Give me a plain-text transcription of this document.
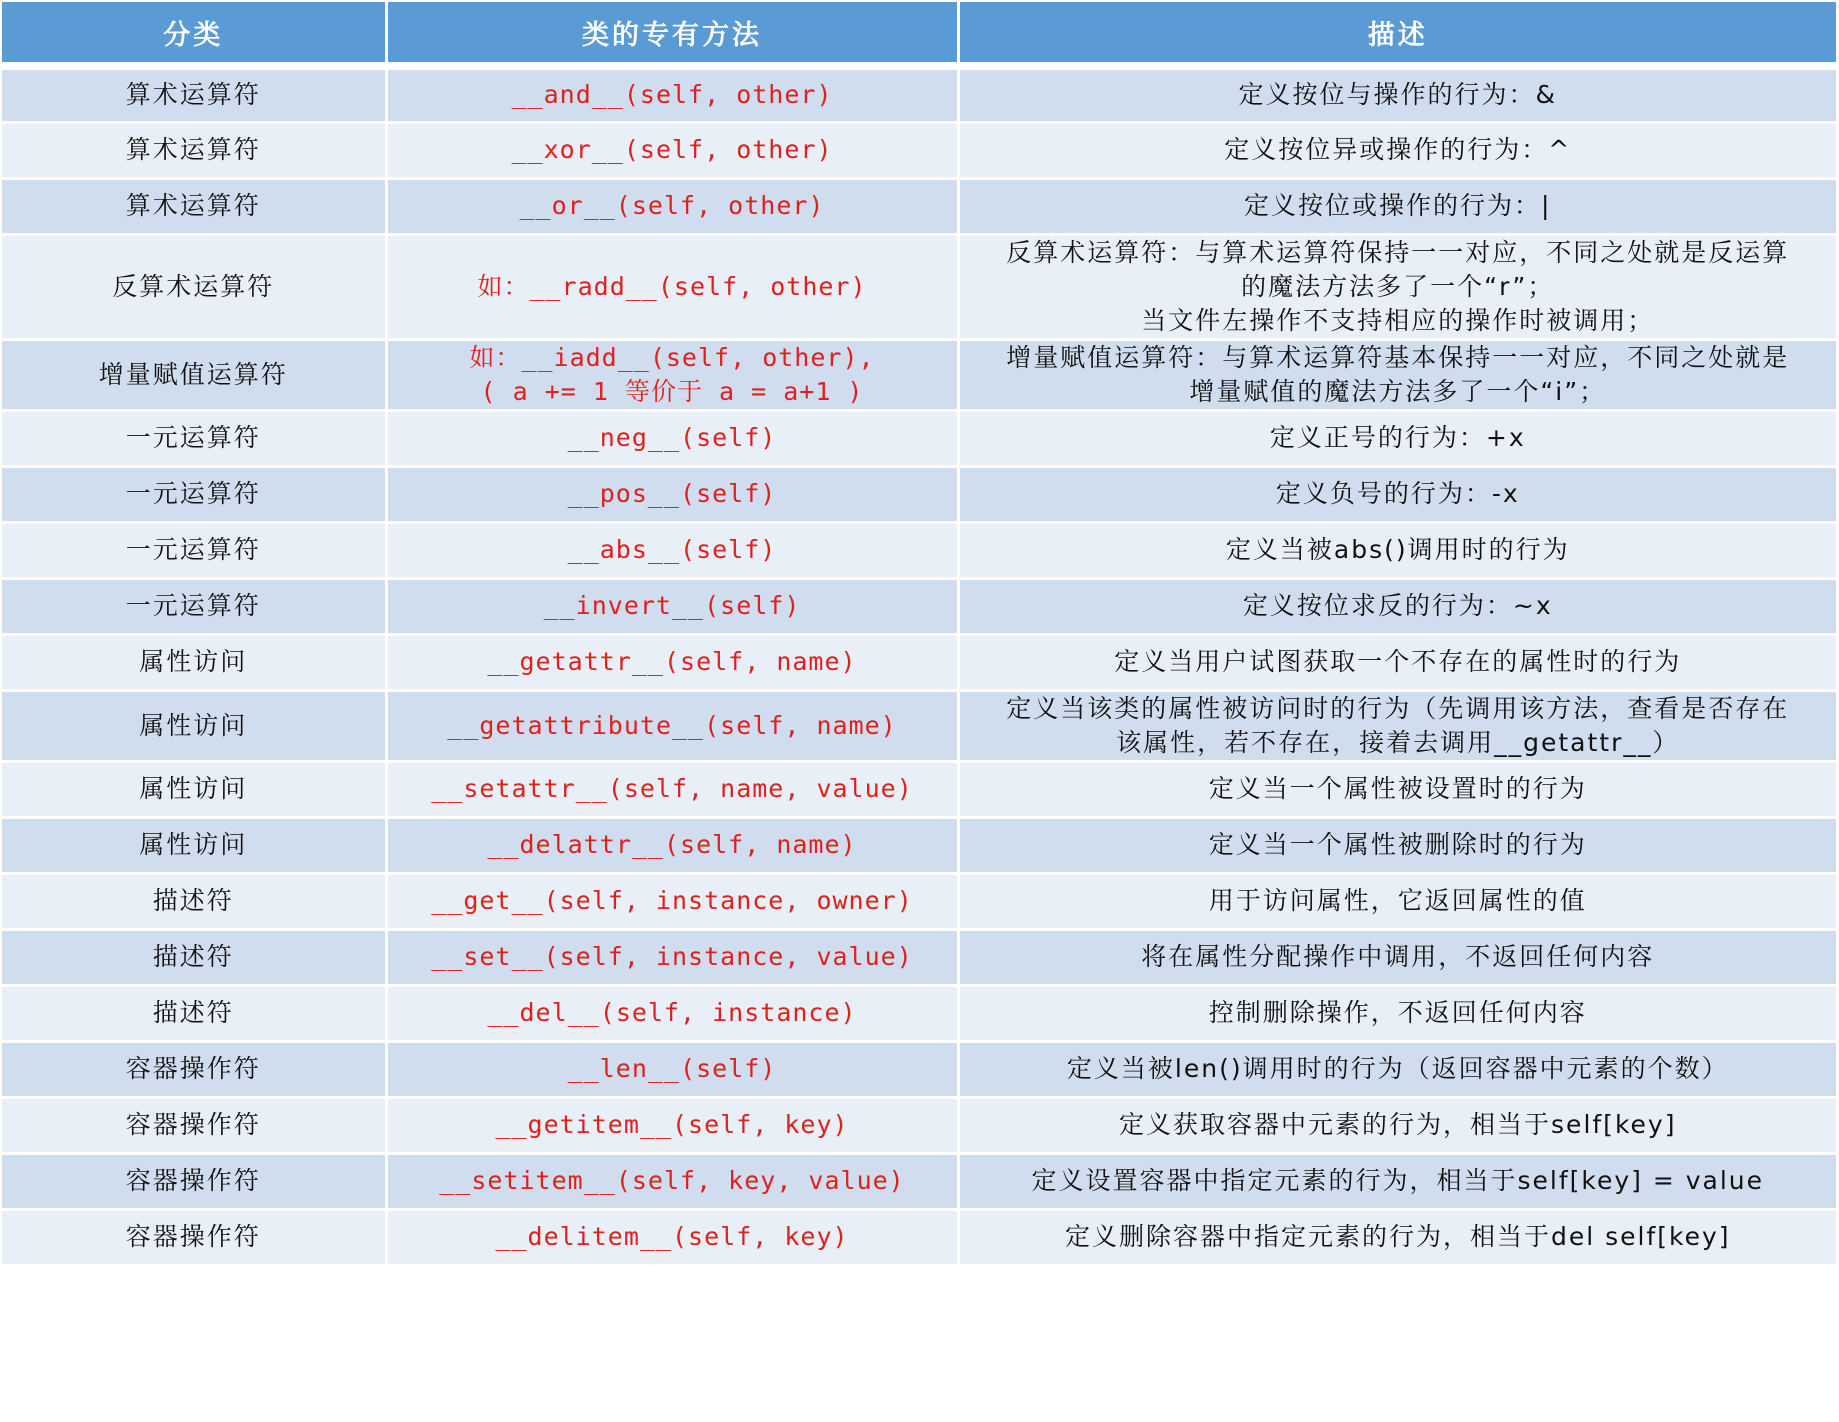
分类	类的专有方法	描述
算术运算符	__and__(self, other)	定义按位与操作的行为：&

算术运算符	__xor__(self, other)	定义按位异或操作的行为：^

算术运算符	__or__(self, other)	定义按位或操作的行为：|

反算术运算符	如：__radd__(self, other)	反算术运算符：与算术运算符保持一一对应，不同之处就是反运算
的魔法方法多了一个“r”；
当文件左操作不支持相应的操作时被调用；

增量赋值运算符	如：__iadd__(self, other),
( a += 1 等价于 a = a+1 )	增量赋值运算符：与算术运算符基本保持一一对应，不同之处就是
增量赋值的魔法方法多了一个“i”；

一元运算符	__neg__(self)	定义正号的行为：+x

一元运算符	__pos__(self)	定义负号的行为：-x

一元运算符	__abs__(self)	定义当被abs()调用时的行为

一元运算符	__invert__(self)	定义按位求反的行为：~x

属性访问	__getattr__(self, name)	定义当用户试图获取一个不存在的属性时的行为

属性访问	__getattribute__(self, name)	定义当该类的属性被访问时的行为（先调用该方法，查看是否存在
该属性，若不存在，接着去调用__getattr__）

属性访问	__setattr__(self, name, value)	定义当一个属性被设置时的行为

属性访问	__delattr__(self, name)	定义当一个属性被删除时的行为

描述符	__get__(self, instance, owner)	用于访问属性，它返回属性的值

描述符	__set__(self, instance, value)	将在属性分配操作中调用，不返回任何内容

描述符	__del__(self, instance)	控制删除操作，不返回任何内容

容器操作符	__len__(self)	定义当被len()调用时的行为（返回容器中元素的个数）

容器操作符	__getitem__(self, key)	定义获取容器中元素的行为，相当于self[key]

容器操作符	__setitem__(self, key, value)	定义设置容器中指定元素的行为，相当于self[key] = value

容器操作符	__delitem__(self, key)	定义删除容器中指定元素的行为，相当于del self[key]
